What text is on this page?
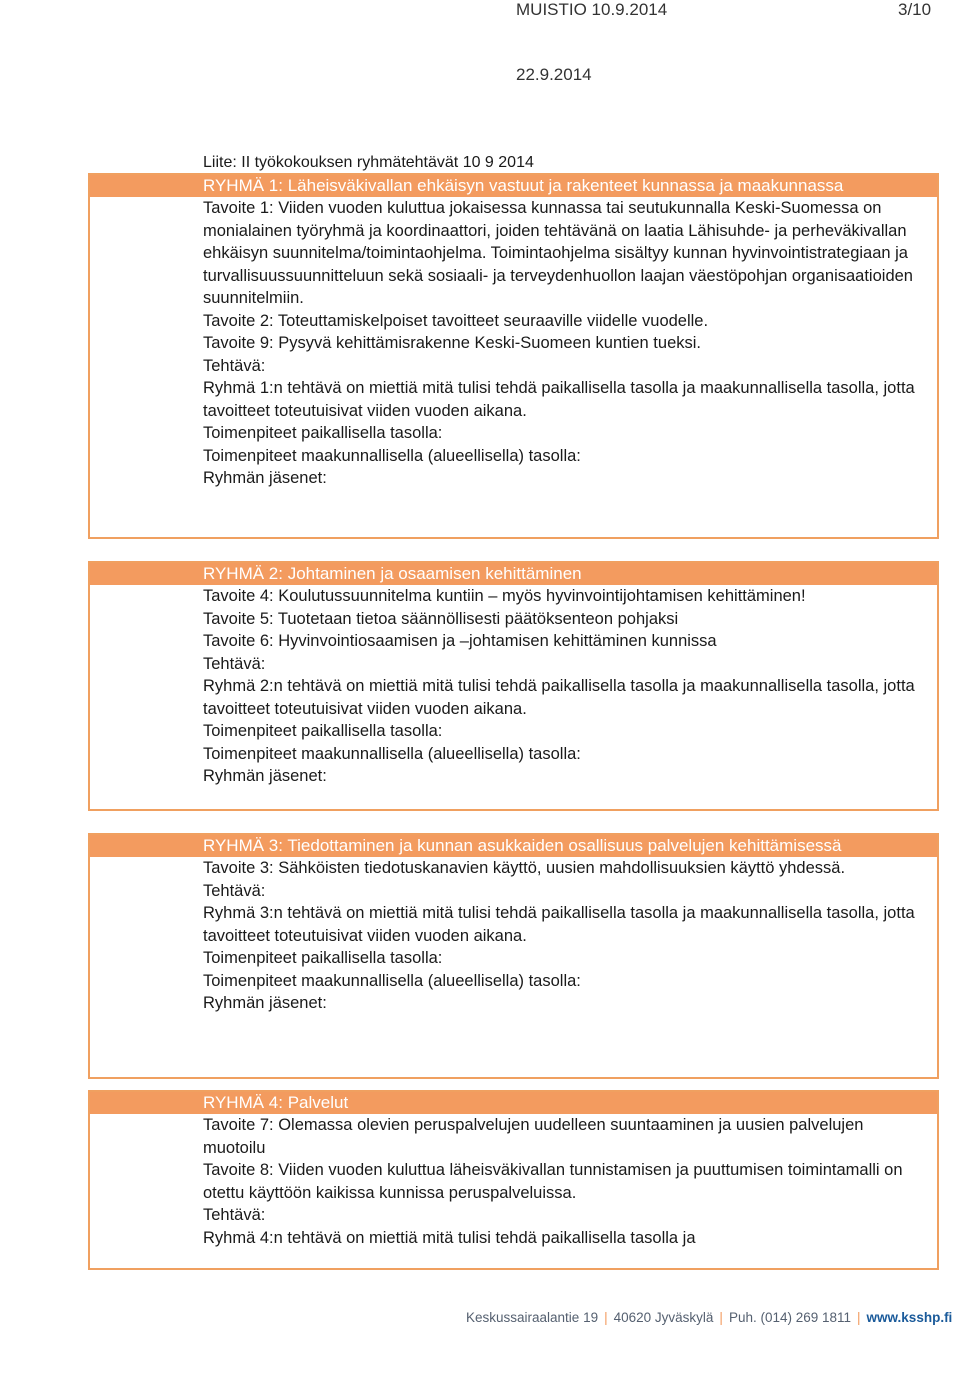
MUISTIO 10.9.2014	3/10
22.9.2014
Liite: II työkokouksen ryhmätehtävät 10 9 2014
RYHMÄ 1: Läheisväkivallan ehkäisyn vastuut ja rakenteet kunnassa ja maakunnassa
Tavoite 1: Viiden vuoden kuluttua jokaisessa kunnassa tai seutukunnalla Keski-Suomessa on monialainen työryhmä ja koordinaattori, joiden tehtävänä on laatia Lähisuhde- ja perheväkivallan ehkäisyn suunnitelma/toimintaohjelma. Toimintaohjelma sisältyy kunnan hyvinvointistrategiaan ja turvallisuussuunnitteluun sekä sosiaali- ja terveydenhuollon laajan väestöpohjan organisaatioiden suunnitelmiin.
Tavoite 2: Toteuttamiskelpoiset tavoitteet seuraaville viidelle vuodelle.
Tavoite 9: Pysyvä kehittämisrakenne Keski-Suomeen kuntien tueksi.
Tehtävä:
Ryhmä 1:n tehtävä on miettiä mitä tulisi tehdä paikallisella tasolla ja maakunnallisella tasolla, jotta tavoitteet toteutuisivat viiden vuoden aikana.
Toimenpiteet paikallisella tasolla:
Toimenpiteet maakunnallisella (alueellisella) tasolla:
Ryhmän jäsenet:
RYHMÄ 2: Johtaminen ja osaamisen kehittäminen
Tavoite 4: Koulutussuunnitelma kuntiin – myös hyvinvointijohtamisen kehittäminen!
Tavoite 5: Tuotetaan tietoa säännöllisesti päätöksenteon pohjaksi
Tavoite 6: Hyvinvointiosaamisen ja –johtamisen kehittäminen kunnissa
Tehtävä:
Ryhmä 2:n tehtävä on miettiä mitä tulisi tehdä paikallisella tasolla ja maakunnallisella tasolla, jotta tavoitteet toteutuisivat viiden vuoden aikana.
Toimenpiteet paikallisella tasolla:
Toimenpiteet maakunnallisella (alueellisella) tasolla:
Ryhmän jäsenet:
RYHMÄ 3: Tiedottaminen ja kunnan asukkaiden osallisuus palvelujen kehittämisessä
Tavoite 3: Sähköisten tiedotuskanavien käyttö, uusien mahdollisuuksien käyttö yhdessä.
Tehtävä:
Ryhmä 3:n tehtävä on miettiä mitä tulisi tehdä paikallisella tasolla ja maakunnallisella tasolla, jotta tavoitteet toteutuisivat viiden vuoden aikana.
Toimenpiteet paikallisella tasolla:
Toimenpiteet maakunnallisella (alueellisella) tasolla:
Ryhmän jäsenet:
RYHMÄ 4: Palvelut
Tavoite 7: Olemassa olevien peruspalvelujen uudelleen suuntaaminen ja uusien palvelujen muotoilu
Tavoite 8: Viiden vuoden kuluttua läheisväkivallan tunnistamisen ja puuttumisen toimintamalli on otettu käyttöön kaikissa kunnissa peruspalveluissa.
Tehtävä:
Ryhmä 4:n tehtävä on miettiä mitä tulisi tehdä paikallisella tasolla ja
Keskussairaalantie 19 | 40620 Jyväskylä | Puh. (014) 269 1811 | www.ksshp.fi
